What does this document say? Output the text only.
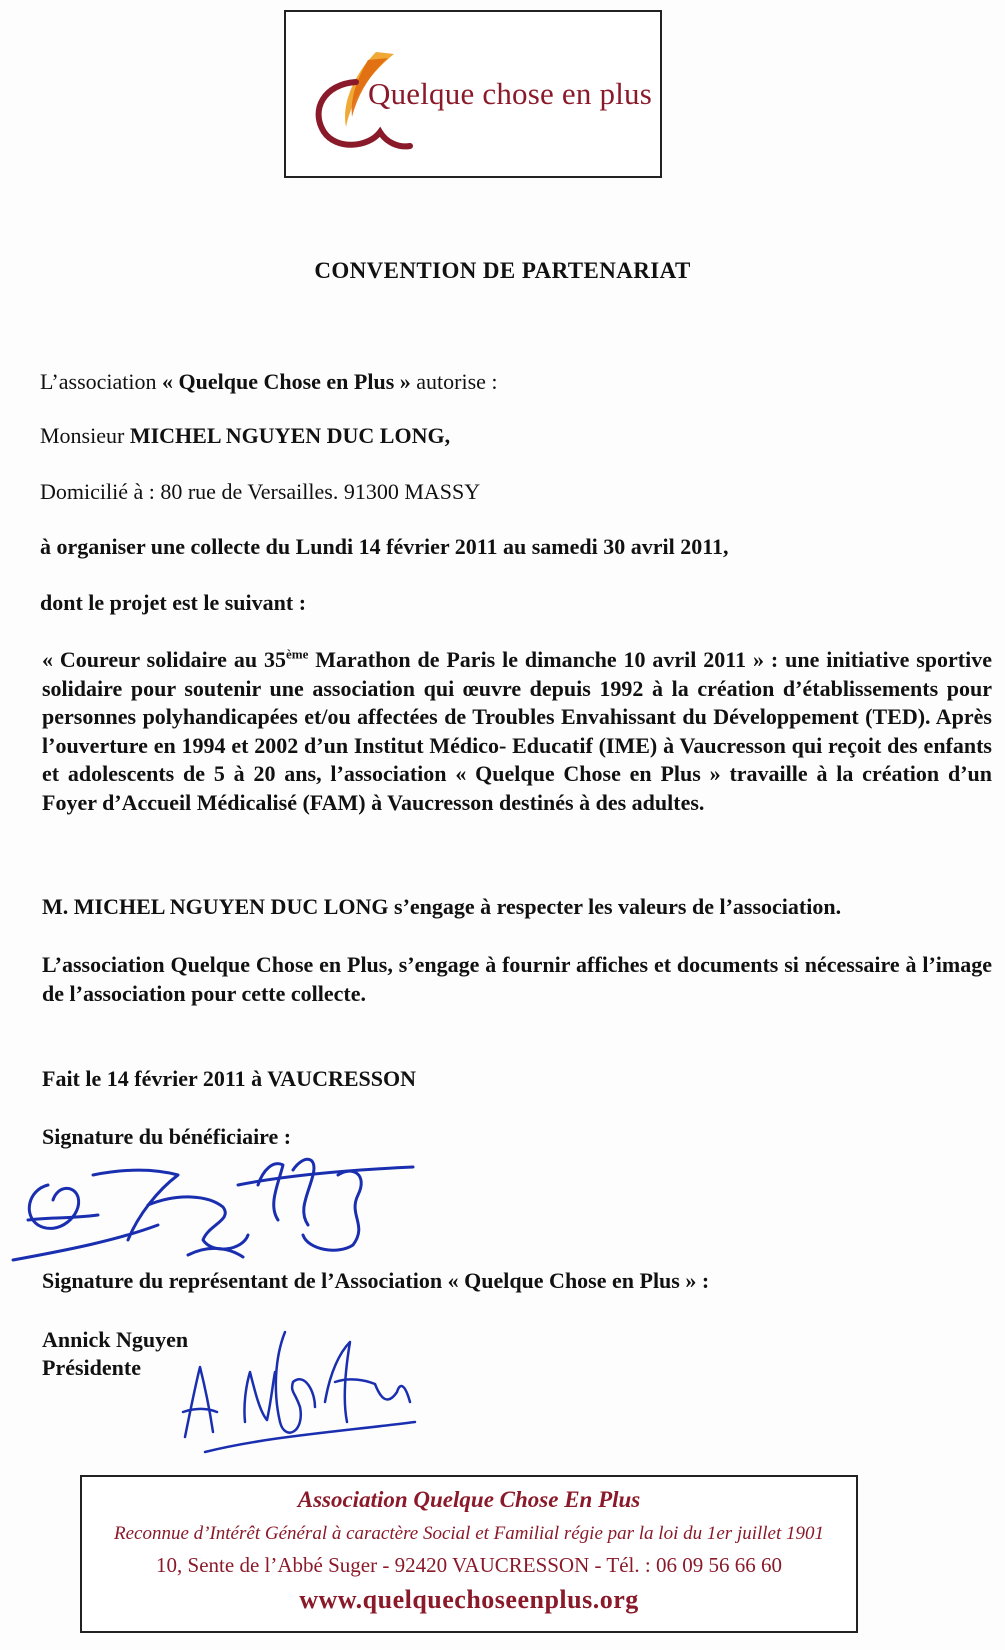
Quelque chose en plus
CONVENTION DE PARTENARIAT
L’association « Quelque Chose en Plus » autorise :
Monsieur MICHEL NGUYEN DUC LONG,
Domicilié à : 80 rue de Versailles. 91300 MASSY
à organiser une collecte du Lundi 14 février 2011 au samedi 30 avril 2011,
dont le projet est le suivant :
« Coureur solidaire au 35ème Marathon de Paris le dimanche 10 avril 2011 » : une initiative sportive solidaire pour soutenir une association qui œuvre depuis 1992 à la création d’établissements pour personnes polyhandicapées et/ou affectées de Troubles Envahissant du Développement (TED). Après l’ouverture en 1994 et 2002 d’un Institut Médico- Educatif (IME) à Vaucresson qui reçoit des enfants et adolescents de 5 à 20 ans, l’association « Quelque Chose en Plus » travaille à la création d’un Foyer d’Accueil Médicalisé (FAM) à Vaucresson destinés à des adultes.
M. MICHEL NGUYEN DUC LONG s’engage à respecter les valeurs de l’association.
L’association Quelque Chose en Plus, s’engage à fournir affiches et documents si nécessaire à l’image de l’association pour cette collecte.
Fait le 14 février 2011 à VAUCRESSON
Signature du bénéficiaire :
Signature du représentant de l’Association « Quelque Chose en Plus » :
Annick Nguyen
Présidente
Association Quelque Chose En Plus
Reconnue d’Intérêt Général à caractère Social et Familial régie par la loi du 1er juillet 1901
10, Sente de l’Abbé Suger - 92420 VAUCRESSON - Tél. : 06 09 56 66 60
www.quelquechoseenplus.org
